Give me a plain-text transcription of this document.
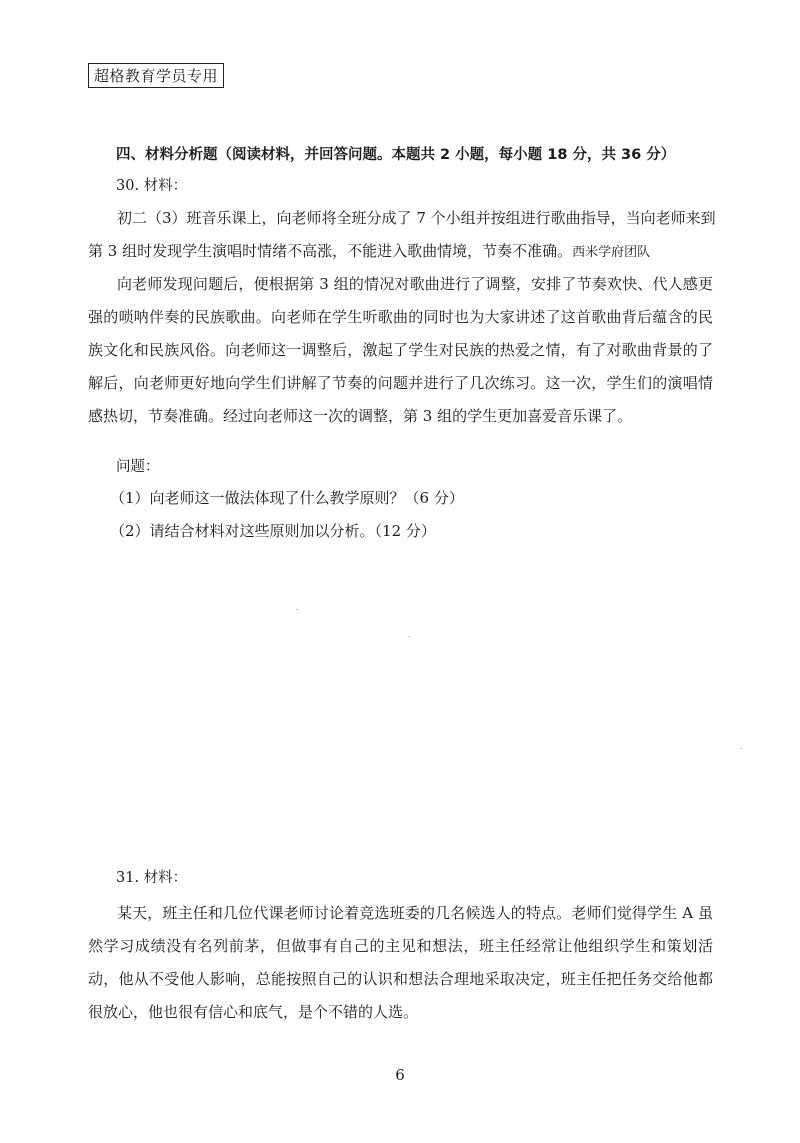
超格教育学员专用
四、材料分析题（阅读材料，并回答问题。本题共 2 小题，每小题 18 分，共 36 分）
30. 材料：
初二（3）班音乐课上，向老师将全班分成了 7 个小组并按组进行歌曲指导，当向老师来到
第 3 组时发现学生演唱时情绪不高涨，不能进入歌曲情境，节奏不准确。西米学府团队

向老师发现问题后，便根据第 3 组的情况对歌曲进行了调整，安排了节奏欢快、代人感更强的唢呐伴奏的民族歌曲。向老师在学生听歌曲的同时也为大家讲述了这首歌曲背后蕴含的民族文化和民族风俗。向老师这一调整后，激起了学生对民族的热爱之情，有了对歌曲背景的了解后，向老师更好地向学生们讲解了节奏的问题并进行了几次练习。这一次，学生们的演唱情感热切，节奏准确。经过向老师这一次的调整，第 3 组的学生更加喜爱音乐课了。

问题：
（1）向老师这一做法体现了什么教学原则？（6 分）
（2）请结合材料对这些原则加以分析。（12 分）
31. 材料：

某天，班主任和几位代课老师讨论着竞选班委的几名候选人的特点。老师们觉得学生 A 虽然学习成绩没有名列前茅，但做事有自己的主见和想法，班主任经常让他组织学生和策划活动，他从不受他人影响，总能按照自己的认识和想法合理地采取决定，班主任把任务交给他都很放心，他也很有信心和底气，是个不错的人选。

6
